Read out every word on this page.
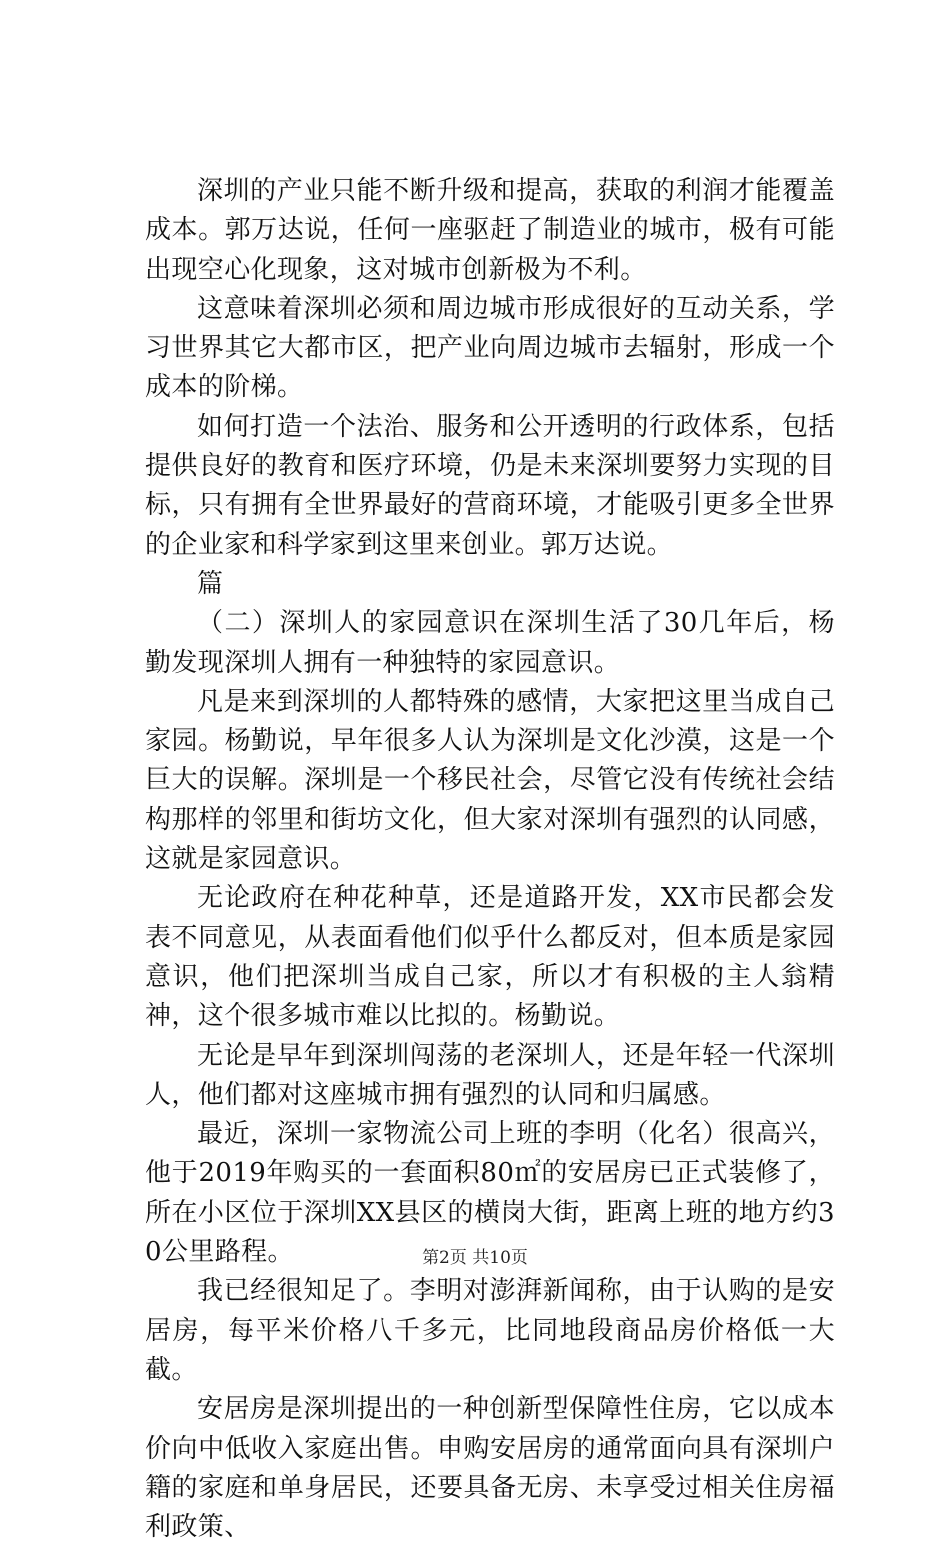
深圳的产业只能不断升级和提高，获取的利润才能覆盖成本。郭万达说，任何一座驱赶了制造业的城市，极有可能出现空心化现象，这对城市创新极为不利。

这意味着深圳必须和周边城市形成很好的互动关系，学习世界其它大都市区，把产业向周边城市去辐射，形成一个成本的阶梯。

如何打造一个法治、服务和公开透明的行政体系，包括提供良好的教育和医疗环境，仍是未来深圳要努力实现的目标，只有拥有全世界最好的营商环境，才能吸引更多全世界的企业家和科学家到这里来创业。郭万达说。

篇

（二）深圳人的家园意识在深圳生活了30几年后，杨勤发现深圳人拥有一种独特的家园意识。

凡是来到深圳的人都特殊的感情，大家把这里当成自己家园。杨勤说，早年很多人认为深圳是文化沙漠，这是一个巨大的误解。深圳是一个移民社会，尽管它没有传统社会结构那样的邻里和街坊文化，但大家对深圳有强烈的认同感，这就是家园意识。

无论政府在种花种草，还是道路开发，XX市民都会发表不同意见，从表面看他们似乎什么都反对，但本质是家园意识，他们把深圳当成自己家，所以才有积极的主人翁精神，这个很多城市难以比拟的。杨勤说。

无论是早年到深圳闯荡的老深圳人，还是年轻一代深圳人，他们都对这座城市拥有强烈的认同和归属感。

最近，深圳一家物流公司上班的李明（化名）很高兴，他于2019年购买的一套面积80㎡的安居房已正式装修了，所在小区位于深圳XX县区的横岗大街，距离上班的地方约30公里路程。

我已经很知足了。李明对澎湃新闻称，由于认购的是安居房，每平米价格八千多元，比同地段商品房价格低一大截。

安居房是深圳提出的一种创新型保障性住房，它以成本价向中低收入家庭出售。申购安居房的通常面向具有深圳户籍的家庭和单身居民，还要具备无房、未享受过相关住房福利政策、

第2页 共10页
